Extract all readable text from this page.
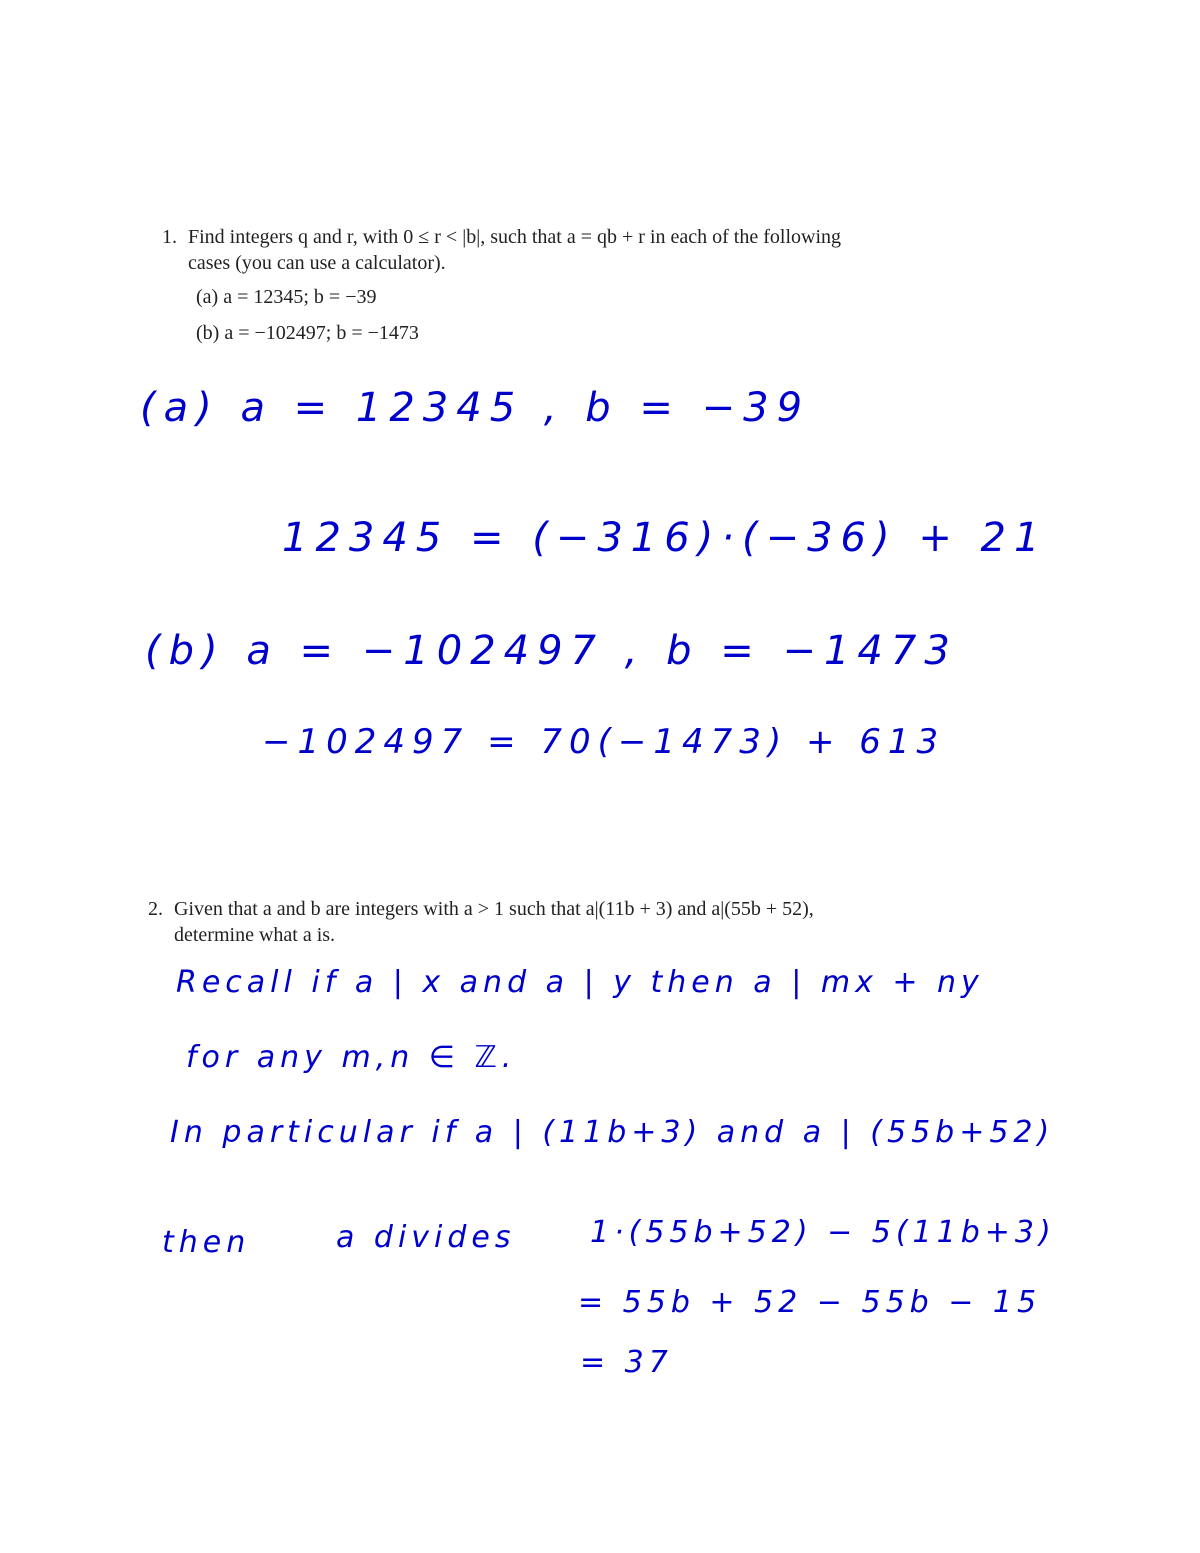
1. Find integers q and r, with 0 ≤ r < |b|, such that a = qb + r in each of the following
cases (you can use a calculator).
(a) a = 12345; b = −39
(b) a = −102497; b = −1473
(a) a = 12345 , b = −39
12345 = (−316)·(−36) + 21
(b) a = −102497 , b = −1473
−102497 = 70(−1473) + 613
2. Given that a and b are integers with a > 1 such that a|(11b + 3) and a|(55b + 52),
determine what a is.
Recall if a | x and a | y then a | mx + ny
for any m,n ∈ ℤ.
In particular if a | (11b+3) and a | (55b+52)
then	a divides 1·(55b+52) − 5(11b+3)
= 55b + 52 − 55b − 15
= 37
